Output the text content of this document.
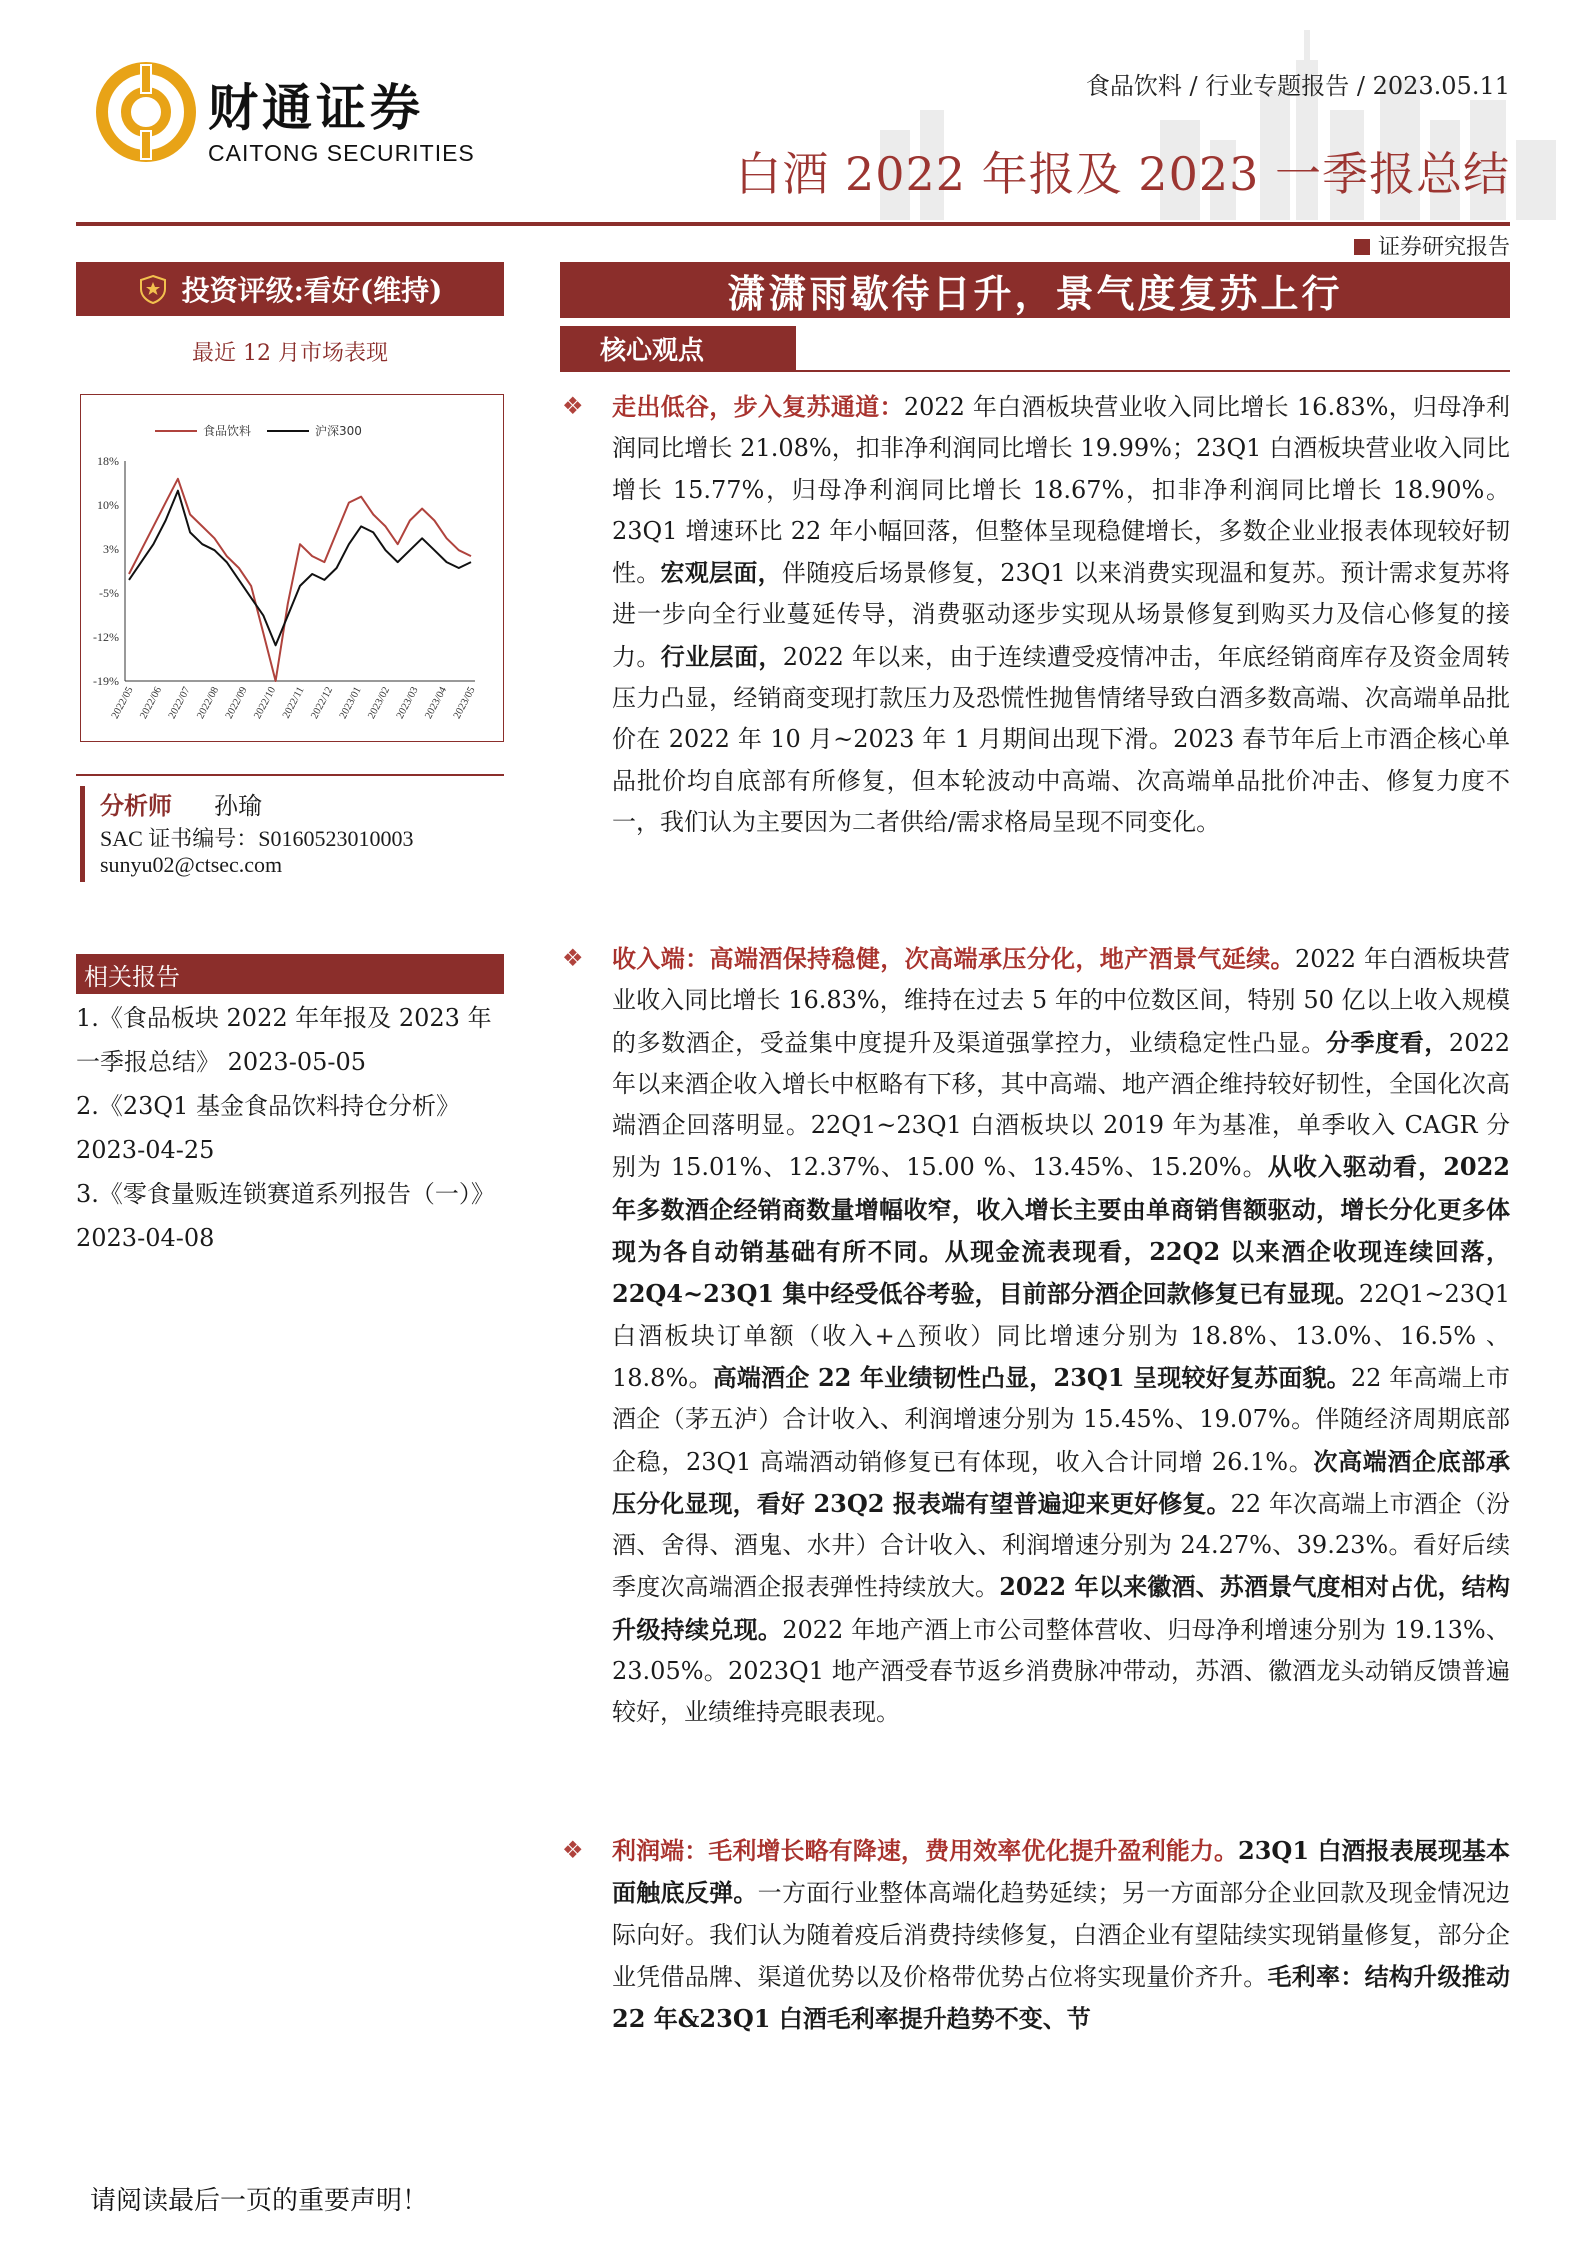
财通证券
CAITONG SECURITIES
食品饮料 / 行业专题报告 / 2023.05.11
白酒 2022 年报及 2023 一季报总结
证券研究报告
投资评级:看好(维持)
最近 12 月市场表现
食品饮料	沪深300
18%
10%
3%
-5%
-12%
-19%
2022/05 2022/06 2022/07 2022/08 2022/09 2022/10 2022/11 2022/12 2023/01 2023/02 2023/03 2023/04 2023/05
分析师 孙瑜
SAC 证书编号：S0160523010003
sunyu02@ctsec.com
相关报告
1.《食品板块 2022 年年报及 2023 年一季报总结》 2023-05-05
2.《23Q1 基金食品饮料持仓分析》 2023-04-25
3.《零食量贩连锁赛道系列报告（一）》 2023-04-08
潇潇雨歇待日升，景气度复苏上行
核心观点
❖ 走出低谷，步入复苏通道：2022 年白酒板块营业收入同比增长 16.83%，归母净利润同比增长 21.08%，扣非净利润同比增长 19.99%；23Q1 白酒板块营业收入同比增长 15.77%，归母净利润同比增长 18.67%，扣非净利润同比增长 18.90%。23Q1 增速环比 22 年小幅回落，但整体呈现稳健增长，多数企业业报表体现较好韧性。宏观层面，伴随疫后场景修复，23Q1 以来消费实现温和复苏。预计需求复苏将进一步向全行业蔓延传导，消费驱动逐步实现从场景修复到购买力及信心修复的接力。行业层面，2022 年以来，由于连续遭受疫情冲击，年底经销商库存及资金周转压力凸显，经销商变现打款压力及恐慌性抛售情绪导致白酒多数高端、次高端单品批价在 2022 年 10 月~2023 年 1 月期间出现下滑。2023 春节年后上市酒企核心单品批价均自底部有所修复，但本轮波动中高端、次高端单品批价冲击、修复力度不一，我们认为主要因为二者供给/需求格局呈现不同变化。
❖ 收入端：高端酒保持稳健，次高端承压分化，地产酒景气延续。2022 年白酒板块营业收入同比增长 16.83%，维持在过去 5 年的中位数区间，特别 50 亿以上收入规模的多数酒企，受益集中度提升及渠道强掌控力，业绩稳定性凸显。分季度看，2022 年以来酒企收入增长中枢略有下移，其中高端、地产酒企维持较好韧性，全国化次高端酒企回落明显。22Q1~23Q1 白酒板块以 2019 年为基准，单季收入 CAGR 分别为 15.01%、12.37%、15.00 %、13.45%、15.20%。从收入驱动看，2022 年多数酒企经销商数量增幅收窄，收入增长主要由单商销售额驱动，增长分化更多体现为各自动销基础有所不同。从现金流表现看，22Q2 以来酒企收现连续回落，22Q4~23Q1 集中经受低谷考验，目前部分酒企回款修复已有显现。22Q1~23Q1 白酒板块订单额（收入+△预收）同比增速分别为 18.8%、13.0%、16.5% 、18.8%。高端酒企 22 年业绩韧性凸显，23Q1 呈现较好复苏面貌。22 年高端上市酒企（茅五泸）合计收入、利润增速分别为 15.45%、19.07%。伴随经济周期底部企稳，23Q1 高端酒动销修复已有体现，收入合计同增 26.1%。次高端酒企底部承压分化显现，看好 23Q2 报表端有望普遍迎来更好修复。22 年次高端上市酒企（汾酒、舍得、酒鬼、水井）合计收入、利润增速分别为 24.27%、39.23%。看好后续季度次高端酒企报表弹性持续放大。2022 年以来徽酒、苏酒景气度相对占优，结构升级持续兑现。2022 年地产酒上市公司整体营收、归母净利增速分别为 19.13%、23.05%。2023Q1 地产酒受春节返乡消费脉冲带动，苏酒、徽酒龙头动销反馈普遍较好，业绩维持亮眼表现。
❖ 利润端：毛利增长略有降速，费用效率优化提升盈利能力。23Q1 白酒报表展现基本面触底反弹。一方面行业整体高端化趋势延续；另一方面部分企业回款及现金情况边际向好。我们认为随着疫后消费持续修复，白酒企业有望陆续实现销量修复，部分企业凭借品牌、渠道优势以及价格带优势占位将实现量价齐升。毛利率：结构升级推动 22 年&23Q1 白酒毛利率提升趋势不变、节
请阅读最后一页的重要声明！
